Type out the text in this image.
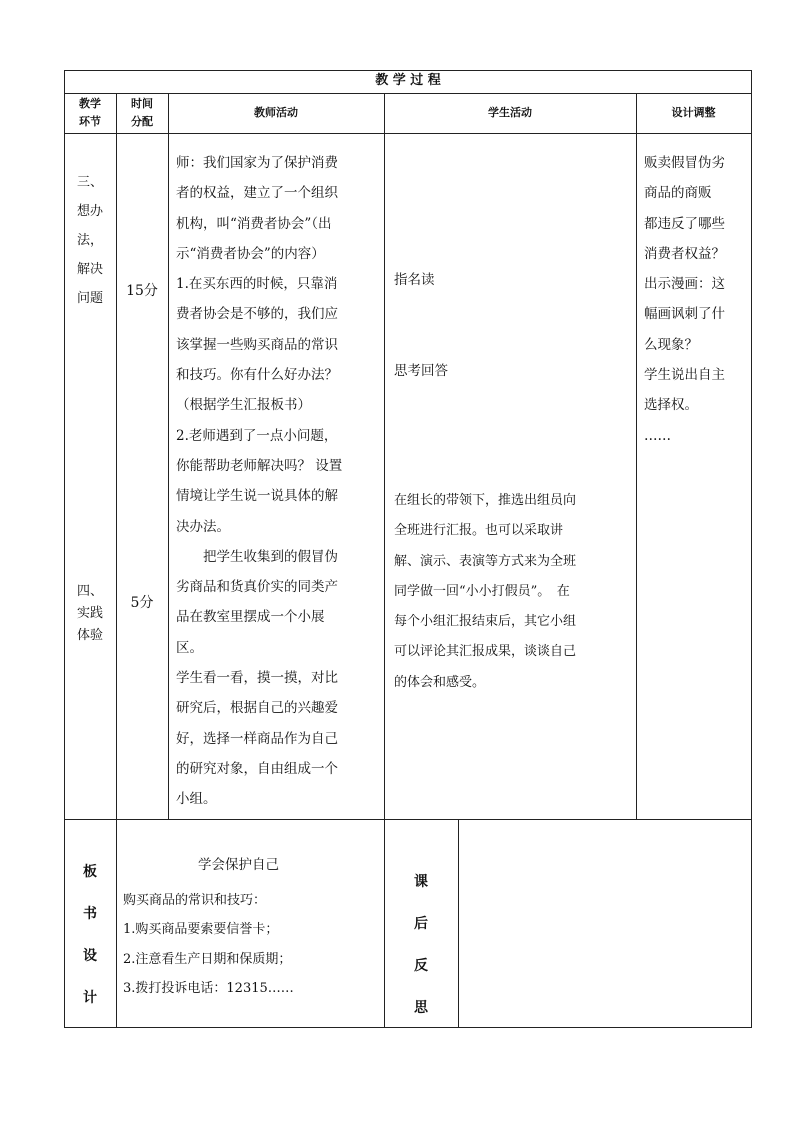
教 学 过 程
教学
环节
时间
分配
教师活动	学生活动	设计调整
三、
想办
法，
解决
问题
四、
实践
体验
15分
5分
师：我们国家为了保护消费
者的权益，建立了一个组织
机构，叫“消费者协会”（出
示“消费者协会”的内容）
1.在买东西的时候，只靠消
费者协会是不够的，我们应
该掌握一些购买商品的常识
和技巧。你有什么好办法？
（根据学生汇报板书）
2.老师遇到了一点小问题，
你能帮助老师解决吗？ 设置
情境让学生说一说具体的解
决办法。
　　把学生收集到的假冒伪
劣商品和货真价实的同类产
品在教室里摆成一个小展
区。
学生看一看，摸一摸，对比
研究后，根据自己的兴趣爱
好，选择一样商品作为自己
的研究对象，自由组成一个
小组。
指名读
思考回答
在组长的带领下，推选出组员向
全班进行汇报。也可以采取讲
解、演示、表演等方式来为全班
同学做一回“小小打假员”。　在
每个小组汇报结束后，其它小组
可以评论其汇报成果，谈谈自己
的体会和感受。
贩卖假冒伪劣
商品的商贩
都违反了哪些
消费者权益？
出示漫画：这
幅画讽刺了什
么现象？
学生说出自主
选择权。
……
板
书
设
计
学会保护自己
购买商品的常识和技巧：
1.购买商品要索要信誉卡；
2.注意看生产日期和保质期；
3.拨打投诉电话：12315……
课
后
反
思
